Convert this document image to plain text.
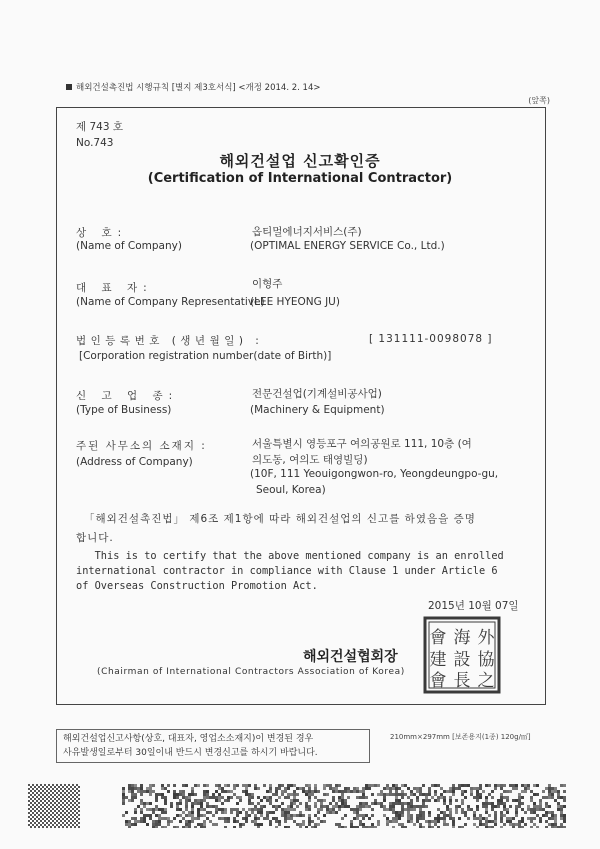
해외건설촉진법 시행규칙 [별지 제3호서식] <개정 2014. 2. 14>
(앞쪽)
제 743 호
No.743
해외건설업 신고확인증
(Certification of International Contractor)
상 호:
(Name of Company)
옵티멀에너지서비스(주)
(OPTIMAL ENERGY SERVICE Co., Ltd.)
대 표 자:
(Name of Company Representative)
이형주
(LEE HYEONG JU)
법인등록번호 (생년월일) :	[ 131111-0098078 ]
[Corporation registration number(date of Birth)]
신 고 업 종:
(Type of Business)
전문건설업(기계설비공사업)
(Machinery & Equipment)
주된 사무소의 소재지 :
(Address of Company)
서울특별시 영등포구 여의공원로 111, 10층 (여
의도동, 여의도 태영빌딩)
(10F, 111 Yeouigongwon-ro, Yeongdeungpo-gu,
Seoul, Korea)
「해외건설촉진법」 제6조 제1항에 따라 해외건설업의 신고를 하였음을 증명
합니다.
This is to certify that the above mentioned company is an enrolled
international contractor in compliance with Clause 1 under Article 6
of Overseas Construction Promotion Act.
2015년 10월 07일
해외건설협회장
(Chairman of International Contractors Association of Korea)
會 海 外
建 設 協
會 長 之
해외건설업신고사항(상호, 대표자, 영업소소재지)이 변경된 경우
사유발생일로부터 30일이내 반드시 변경신고를 하시기 바랍니다.
210mm×297mm [보존용지(1종) 120g/㎡]
